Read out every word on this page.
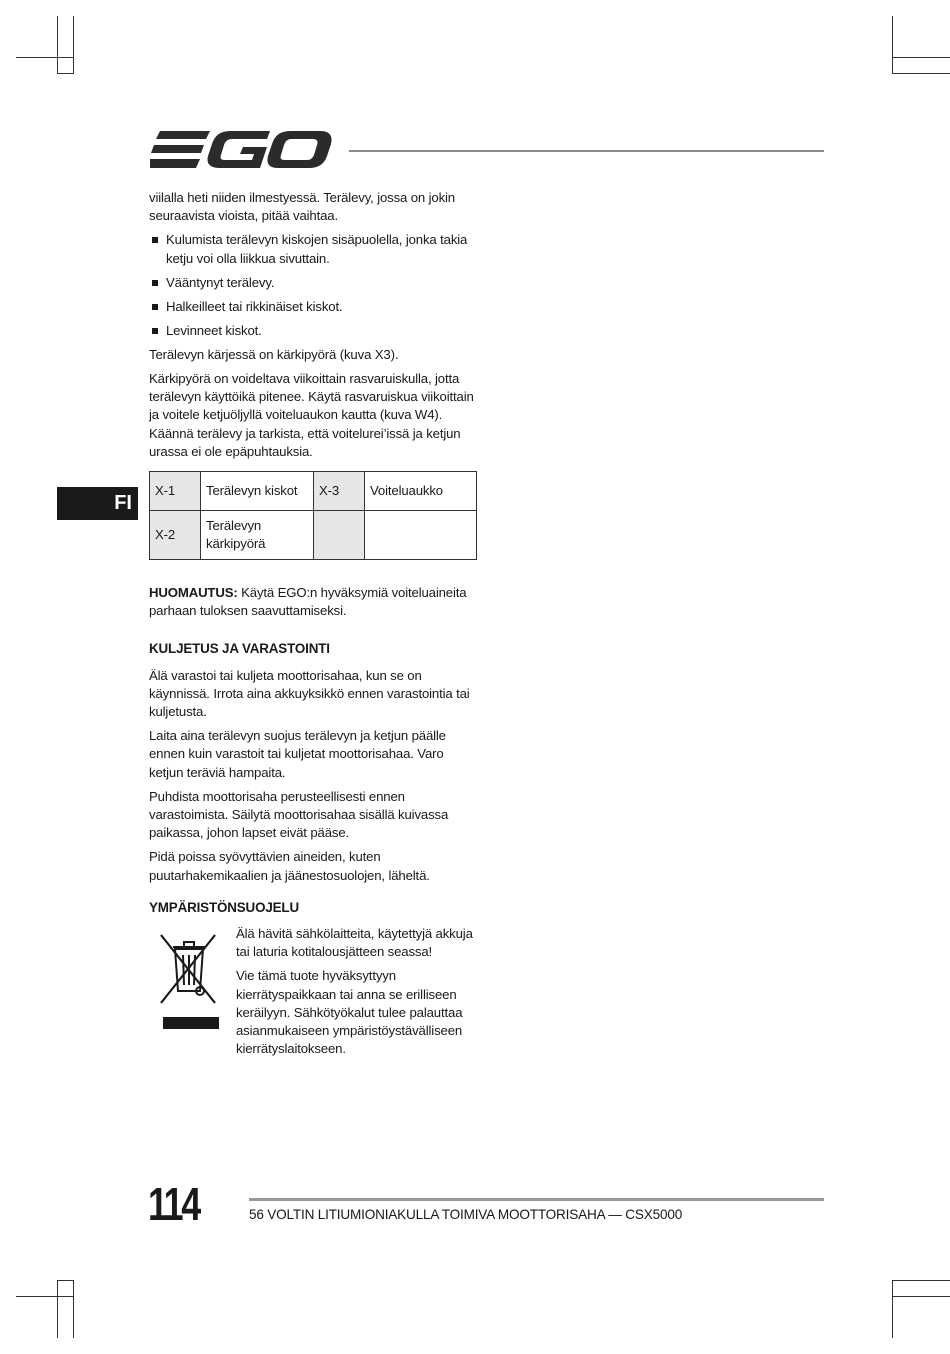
FI

viilalla heti niiden ilmestyessä. Terälevy, jossa on jokin seuraavista vioista, pitää vaihtaa.

Kulumista terälevyn kiskojen sisäpuolella, jonka takia ketju voi olla liikkua sivuttain.
Vääntynyt terälevy.
Halkeilleet tai rikkinäiset kiskot.
Levinneet kiskot.

Terälevyn kärjessä on kärkipyörä (kuva X3).

Kärkipyörä on voideltava viikoittain rasvaruiskulla, jotta terälevyn käyttöikä pitenee. Käytä rasvaruiskua viikoittain ja voitele ketjuöljyllä voiteluaukon kautta (kuva W4). Käännä terälevy ja tarkista, että voitelurei’issä ja ketjun urassa ei ole epäpuhtauksia.

X-1	Terälevyn kiskot	X-3	Voiteluaukko
X-2	Terälevyn kärkipyörä		

HUOMAUTUS: Käytä EGO:n hyväksymiä voiteluaineita parhaan tuloksen saavuttamiseksi.

KULJETUS JA VARASTOINTI

Älä varastoi tai kuljeta moottorisahaa, kun se on käynnissä. Irrota aina akkuyksikkö ennen varastointia tai kuljetusta.

Laita aina terälevyn suojus terälevyn ja ketjun päälle ennen kuin varastoit tai kuljetat moottorisahaa. Varo ketjun teräviä hampaita.

Puhdista moottorisaha perusteellisesti ennen varastoimista. Säilytä moottorisahaa sisällä kuivassa paikassa, johon lapset eivät pääse.

Pidä poissa syövyttävien aineiden, kuten puutarhakemikaalien ja jäänestosuolojen, läheltä.

YMPÄRISTÖNSUOJELU

Älä hävitä sähkölaitteita, käytettyjä akkuja tai laturia kotitalousjätteen seassa!

Vie tämä tuote hyväksyttyyn kierrätyspaikkaan tai anna se erilliseen keräilyyn. Sähkötyökalut tulee palauttaa asianmukaiseen ympäristöystävälliseen kierrätyslaitokseen.

114	56 VOLTIN LITIUMIONIAKULLA TOIMIVA MOOTTORISAHA — CSX5000
